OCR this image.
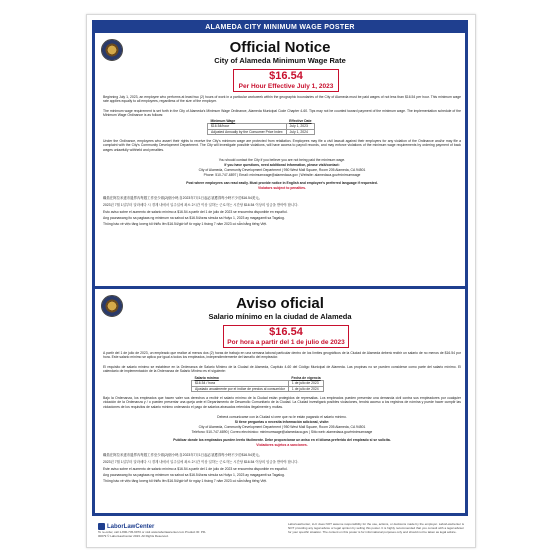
ALAMEDA CITY MINIMUM WAGE POSTER
Official Notice
City of Alameda Minimum Wage Rate
$16.54
Per Hour Effective July 1, 2023
Beginning July 1, 2023, an employee who performs at least two (2) hours of work in a particular workweek within the geographic boundaries of the City of Alameda must be paid wages of not less than $16.54 per hour. This minimum wage rate applies equally to all employees, regardless of the size of the employer.
The minimum wage requirement is set forth in the City of Alameda's Minimum Wage Ordinance, Alameda Municipal Code Chapter 4-60. Tips may not be counted toward payment of the minimum wage. The implementation schedule of the Minimum Wage Ordinance is as follows:
Minimum Wage	Effective Date
$16.54/hour	July 1, 2023
Adjusted Annually by the Consumer Price Index	July 1, 2024
Under the Ordinance, employees who assert their rights to receive the City's minimum wage are protected from retaliation. Employees may file a civil lawsuit against their employers for any violation of the Ordinance and/or may file a complaint with the City's Community Development Department. The City will investigate possible violations, will have access to payroll records, and may enforce violations of the minimum wage requirements by ordering payment of back wages unlawfully withheld and penalties.
You should contact the City if you believe you are not being paid the minimum wage.
If you have questions, need additional information, please visit/contact:
City of Alameda, Community Development Department | 950 West Mall Square, Room 205 Alameda, CA 94501
Phone: 510-747-6897 | Email: minimumwage@alamedaca.gov | Website: alamedaca.gov/minimumwage
Post where employees can read easily. Must provide notice in English and employee's preferred language if requested.
Violators subject to penalties.
職員在阿拉米達市邊界內每週工作至少兩(2)個小時,自2023年7月1日起必須獲得每小時不少於$16.54美元。
2023년 7월 1일부터 알라메다 시 경계 내에서 일주일에 최소 2시간 이상 일하는 근로자는 시간당 $16.54 이상의 임금을 받아야 합니다.
Esto aviso sobre el aumento de salario mínimo a $16.54 a partir del 1 de julio de 2023 se encuentra disponible en español.
Ang paunawang ito sa pagtaas ng minimum na sahod sa $16.54/oras simula sa Hulyo 1, 2023 ay magagamit sa Tagalog.
Thông báo về việc tăng lương tối thiểu lên $16.54/giờ kể từ ngày 1 tháng 7 năm 2023 có sẵn bằng tiếng Việt.
Aviso oficial
Salario mínimo en la ciudad de Alameda
$16.54
Por hora a partir del 1 de julio de 2023
A partir del 1 de julio de 2023, un empleado que realice al menos dos (2) horas de trabajo en una semana laboral particular dentro de los límites geográficos de la Ciudad de Alameda deberá recibir un salario de no menos de $16.54 por hora. Este salario mínimo se aplica por igual a todos los empleados, independientemente del tamaño del empleador.
El requisito de salario mínimo se establece en la Ordenanza de Salario Mínimo de la Ciudad de Alameda, Capítulo 4-60 del Código Municipal de Alameda. Las propinas no se pueden considerar como parte del salario mínimo. El calendario de implementación de la Ordenanza de Salario Mínimo es el siguiente:
Salario mínimo	Fecha de vigencia
$16.54 / hora	1 de julio de 2023
Ajustado anualmente por el índice de precios al consumidor	1 de julio de 2024
Bajo la Ordenanza, los empleados que hacen valer sus derechos a recibir el salario mínimo de la Ciudad están protegidos de represalias. Los empleados pueden presentar una demanda civil contra sus empleadores por cualquier violación de la Ordenanza y / o pueden presentar una queja ante el Departamento de Desarrollo Comunitario de la Ciudad. La Ciudad investigará posibles violaciones, tendrá acceso a los registros de nómina y puede hacer cumplir las violaciones de los requisitos de salario mínimo ordenando el pago de salarios atrasados retenidos ilegalmente y multas.
Deberá comunicarse con la Ciudad si cree que no le están pagando el salario mínimo.
Si tiene preguntas o necesita información adicional, visite:
City of Alameda, Community Development Department | 950 West Mall Square, Room 205 Alameda, CA 94501
Teléfono: 510-747-6890 | Correo electrónico: minimumwage@alamedaca.gov | Sitio web: alamedaca.gov/minimumwage
Publicar donde los empleados pueden leerlo fácilmente. Debe proporcionar un aviso en el idioma preferido del empleado si se solicita.
Violadores sujetos a sanciones.
職員在阿拉米達市邊界內每週工作至少兩(2)個小時,自2023年7月1日起必須獲得每小時不少於$16.54美元。
2023년 7월 1일부터 알라메다 시 경계 내에서 일주일에 최소 2시간 이상 일하는 근로자는 시간당 $16.54 이상의 임금을 받아야 합니다.
Este aviso sobre el aumento de salario mínimo a $16.54 a partir del 1 de julio de 2023 se encuentra disponible en español.
Ang paunawang ito sa pagtaas ng minimum na sahod sa $16.54/oras simula sa Hulyo 1, 2023 ay magagamit sa Tagalog.
Thông báo về việc tăng lương tối thiểu lên $16.54/giờ kể từ ngày 1 tháng 7 năm 2023 có sẵn bằng tiếng Việt.
LaborLawCenter
To re-order, call 1-800-745-9970 or visit www.laborlawcenter.com Product ID: PR-00079 © LaborLawCenter 2023. All Rights Reserved.
LaborLawCenter, LLC does NOT assume responsibility for the use, actions, or decisions made by the employer. LaborLawCenter is NOT providing any legal advice or legal opinion by selling this poster. It is highly recommended that you consult with a legal advisor for your specific situation. The content on this poster is for informational purposes only and should not be taken as legal advice.
